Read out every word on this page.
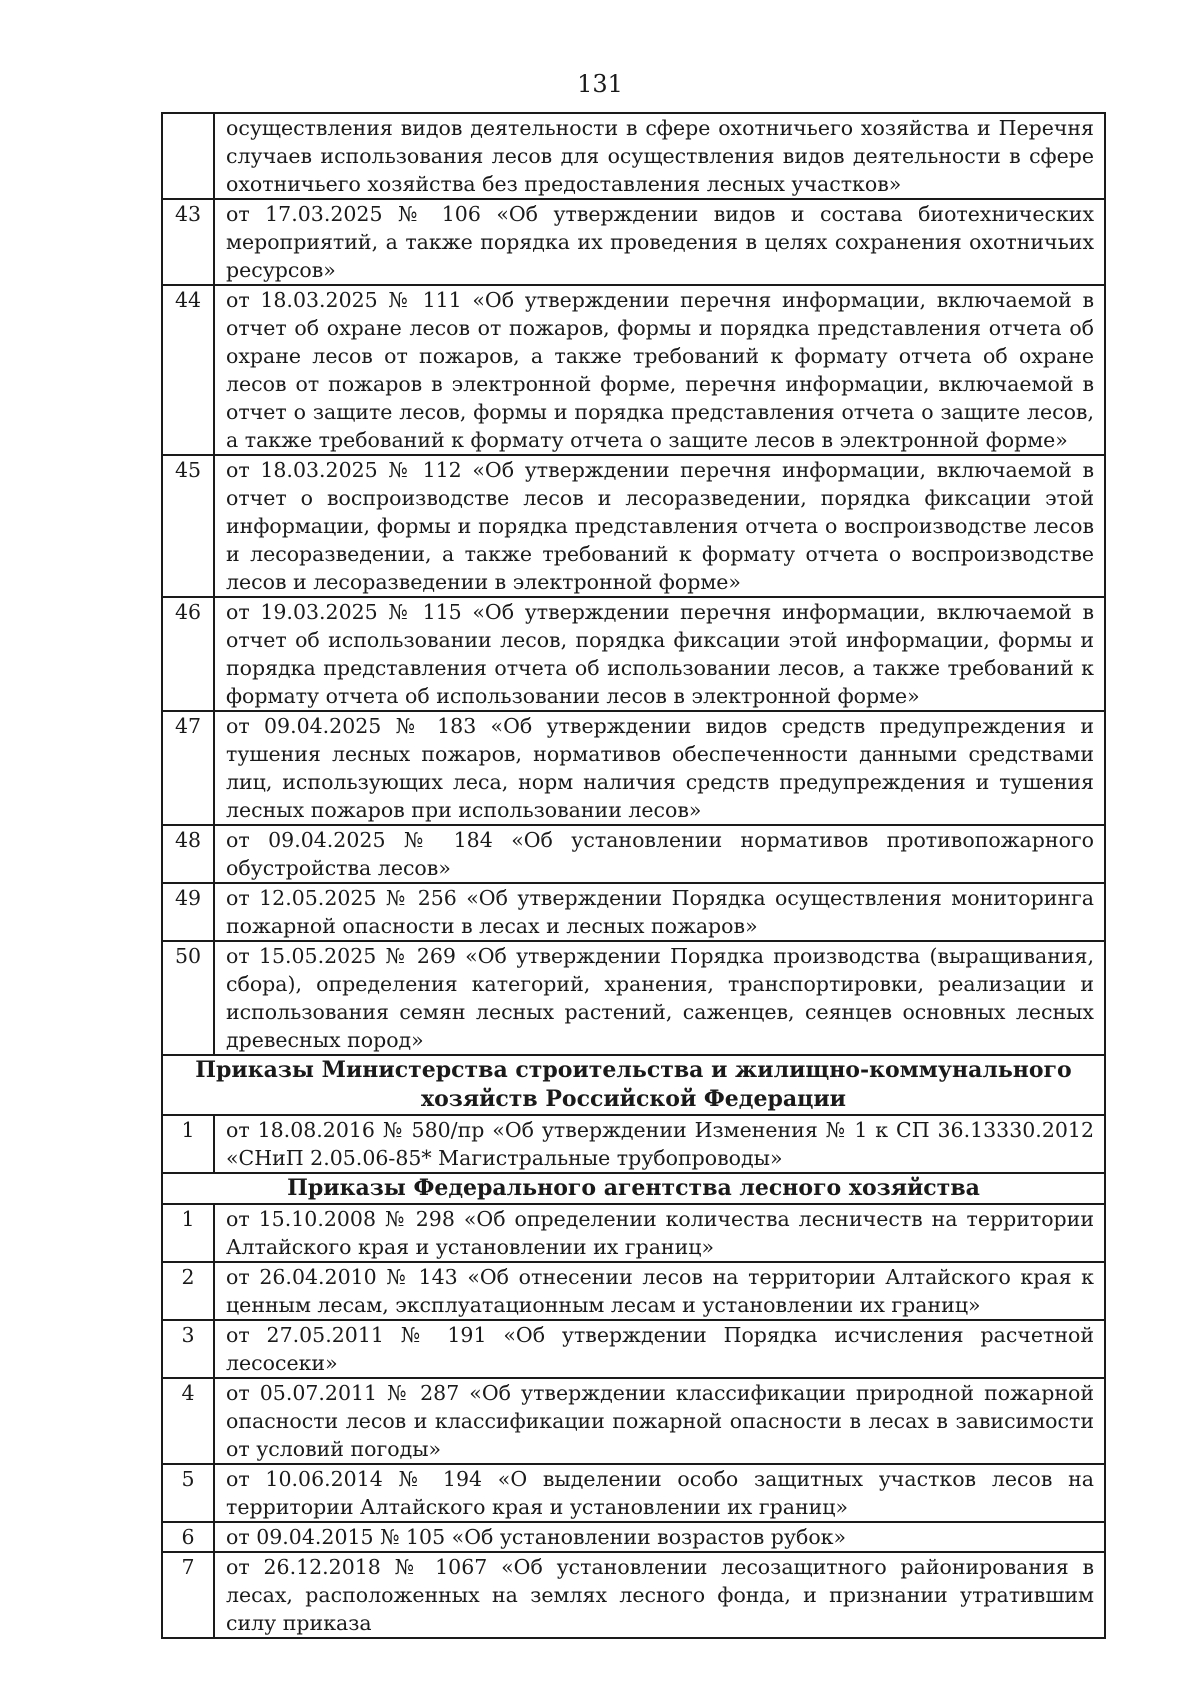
131
	осуществления видов деятельности в сфере охотничьего хозяйства и Перечня случаев использования лесов для осуществления видов деятельности в сфере охотничьего хозяйства без предоставления лесных участков»
43	от 17.03.2025 № 106 «Об утверждении видов и состава биотехнических мероприятий, а также порядка их проведения в целях сохранения охотничьих ресурсов»
44	от 18.03.2025 № 111 «Об утверждении перечня информации, включаемой в отчет об охране лесов от пожаров, формы и порядка представления отчета об охране лесов от пожаров, а также требований к формату отчета об охране лесов от пожаров в электронной форме, перечня информации, включаемой в отчет о защите лесов, формы и порядка представления отчета о защите лесов, а также требований к формату отчета о защите лесов в электронной форме»
45	от 18.03.2025 № 112 «Об утверждении перечня информации, включаемой в отчет о воспроизводстве лесов и лесоразведении, порядка фиксации этой информации, формы и порядка представления отчета о воспроизводстве лесов и лесоразведении, а также требований к формату отчета о воспроизводстве лесов и лесоразведении в электронной форме»
46	от 19.03.2025 № 115 «Об утверждении перечня информации, включаемой в отчет об использовании лесов, порядка фиксации этой информации, формы и порядка представления отчета об использовании лесов, а также требований к формату отчета об использовании лесов в электронной форме»
47	от 09.04.2025 № 183 «Об утверждении видов средств предупреждения и тушения лесных пожаров, нормативов обеспеченности данными средствами лиц, использующих леса, норм наличия средств предупреждения и тушения лесных пожаров при использовании лесов»
48	от 09.04.2025 № 184 «Об установлении нормативов противопожарного обустройства лесов»
49	от 12.05.2025 № 256 «Об утверждении Порядка осуществления мониторинга пожарной опасности в лесах и лесных пожаров»
50	от 15.05.2025 № 269 «Об утверждении Порядка производства (выращивания, сбора), определения категорий, хранения, транспортировки, реализации и использования семян лесных растений, саженцев, сеянцев основных лесных древесных пород»
Приказы Министерства строительства и жилищно-коммунального хозяйств Российской Федерации	
1	от 18.08.2016 № 580/пр «Об утверждении Изменения № 1 к СП 36.13330.2012 «СНиП 2.05.06-85* Магистральные трубопроводы»
Приказы Федерального агентства лесного хозяйства	
1	от 15.10.2008 № 298 «Об определении количества лесничеств на территории Алтайского края и установлении их границ»
2	от 26.04.2010 № 143 «Об отнесении лесов на территории Алтайского края к ценным лесам, эксплуатационным лесам и установлении их границ»
3	от 27.05.2011 № 191 «Об утверждении Порядка исчисления расчетной лесосеки»
4	от 05.07.2011 № 287 «Об утверждении классификации природной пожарной опасности лесов и классификации пожарной опасности в лесах в зависимости от условий погоды»
5	от 10.06.2014 № 194 «О выделении особо защитных участков лесов на территории Алтайского края и установлении их границ»
6	от 09.04.2015 № 105 «Об установлении возрастов рубок»
7	от 26.12.2018 № 1067 «Об установлении лесозащитного районирования в лесах, расположенных на землях лесного фонда, и признании утратившим силу приказа
